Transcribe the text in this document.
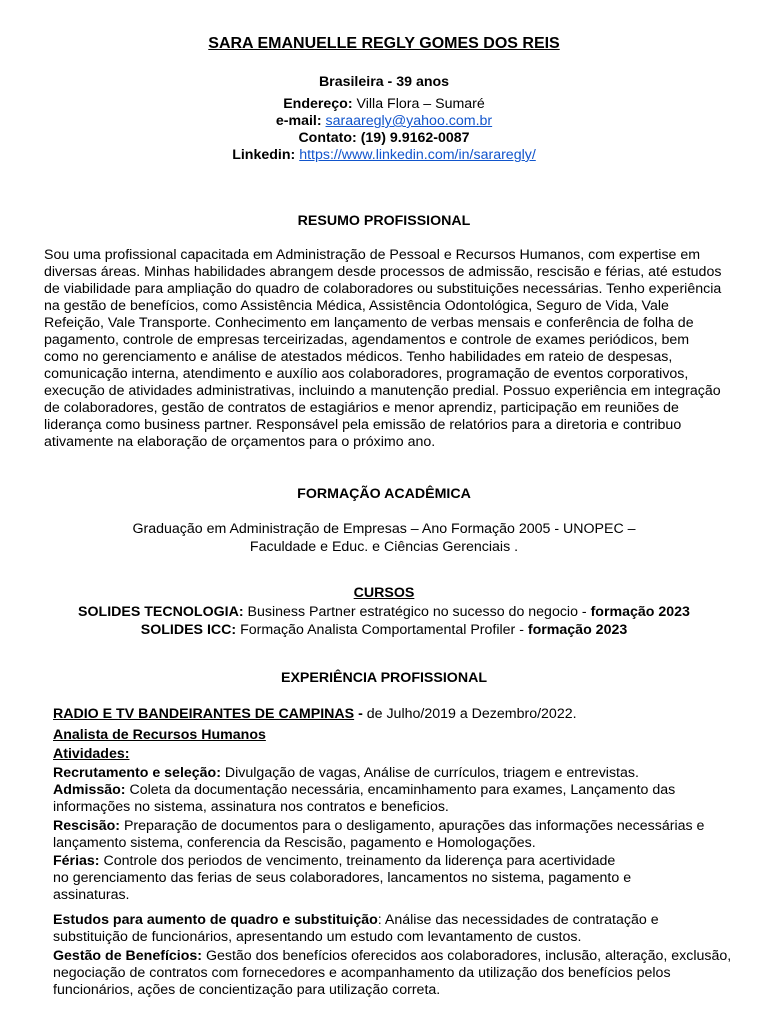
SARA EMANUELLE REGLY GOMES DOS REIS
Brasileira - 39 anos
Endereço: Villa Flora – Sumaré
e-mail: saraaregly@yahoo.com.br
Contato: (19) 9.9162-0087
Linkedin: https://www.linkedin.com/in/sararegly/
RESUMO PROFISSIONAL
Sou uma profissional capacitada em Administração de Pessoal e Recursos Humanos, com expertise em diversas áreas. Minhas habilidades abrangem desde processos de admissão, rescisão e férias, até estudos de viabilidade para ampliação do quadro de colaboradores ou substituições necessárias. Tenho experiência na gestão de benefícios, como Assistência Médica, Assistência Odontológica, Seguro de Vida, Vale Refeição, Vale Transporte. Conhecimento em lançamento de verbas mensais e conferência de folha de pagamento, controle de empresas terceirizadas, agendamentos e controle de exames periódicos, bem como no gerenciamento e análise de atestados médicos. Tenho habilidades em rateio de despesas, comunicação interna, atendimento e auxílio aos colaboradores, programação de eventos corporativos, execução de atividades administrativas, incluindo a manutenção predial. Possuo experiência em integração de colaboradores, gestão de contratos de estagiários e menor aprendiz, participação em reuniões de liderança como business partner. Responsável pela emissão de relatórios para a diretoria e contribuo ativamente na elaboração de orçamentos para o próximo ano.
FORMAÇÃO ACADÊMICA
Graduação em Administração de Empresas – Ano Formação 2005 - UNOPEC –
Faculdade e Educ. e Ciências Gerenciais .
CURSOS
SOLIDES TECNOLOGIA: Business Partner estratégico no sucesso do negocio - formação 2023
SOLIDES ICC: Formação Analista Comportamental Profiler - formação 2023
EXPERIÊNCIA PROFISSIONAL
RADIO E TV BANDEIRANTES DE CAMPINAS - de Julho/2019 a Dezembro/2022.
Analista de Recursos Humanos
Atividades:
Recrutamento e seleção: Divulgação de vagas, Análise de currículos, triagem e entrevistas.
Admissão: Coleta da documentação necessária, encaminhamento para exames, Lançamento das informações no sistema, assinatura nos contratos e beneficios.
Rescisão: Preparação de documentos para o desligamento, apurações das informações necessárias e lançamento sistema, conferencia da Rescisão, pagamento e Homologações.
Férias: Controle dos periodos de vencimento, treinamento da liderença para acertividade no gerenciamento das ferias de seus colaboradores, lancamentos no sistema, pagamento e assinaturas.
Estudos para aumento de quadro e substituição: Análise das necessidades de contratação e substituição de funcionários, apresentando um estudo com levantamento de custos.
Gestão de Benefícios: Gestão dos benefícios oferecidos aos colaboradores, inclusão, alteração, exclusão, negociação de contratos com fornecedores e acompanhamento da utilização dos benefícios pelos funcionários, ações de concientização para utilização correta.
